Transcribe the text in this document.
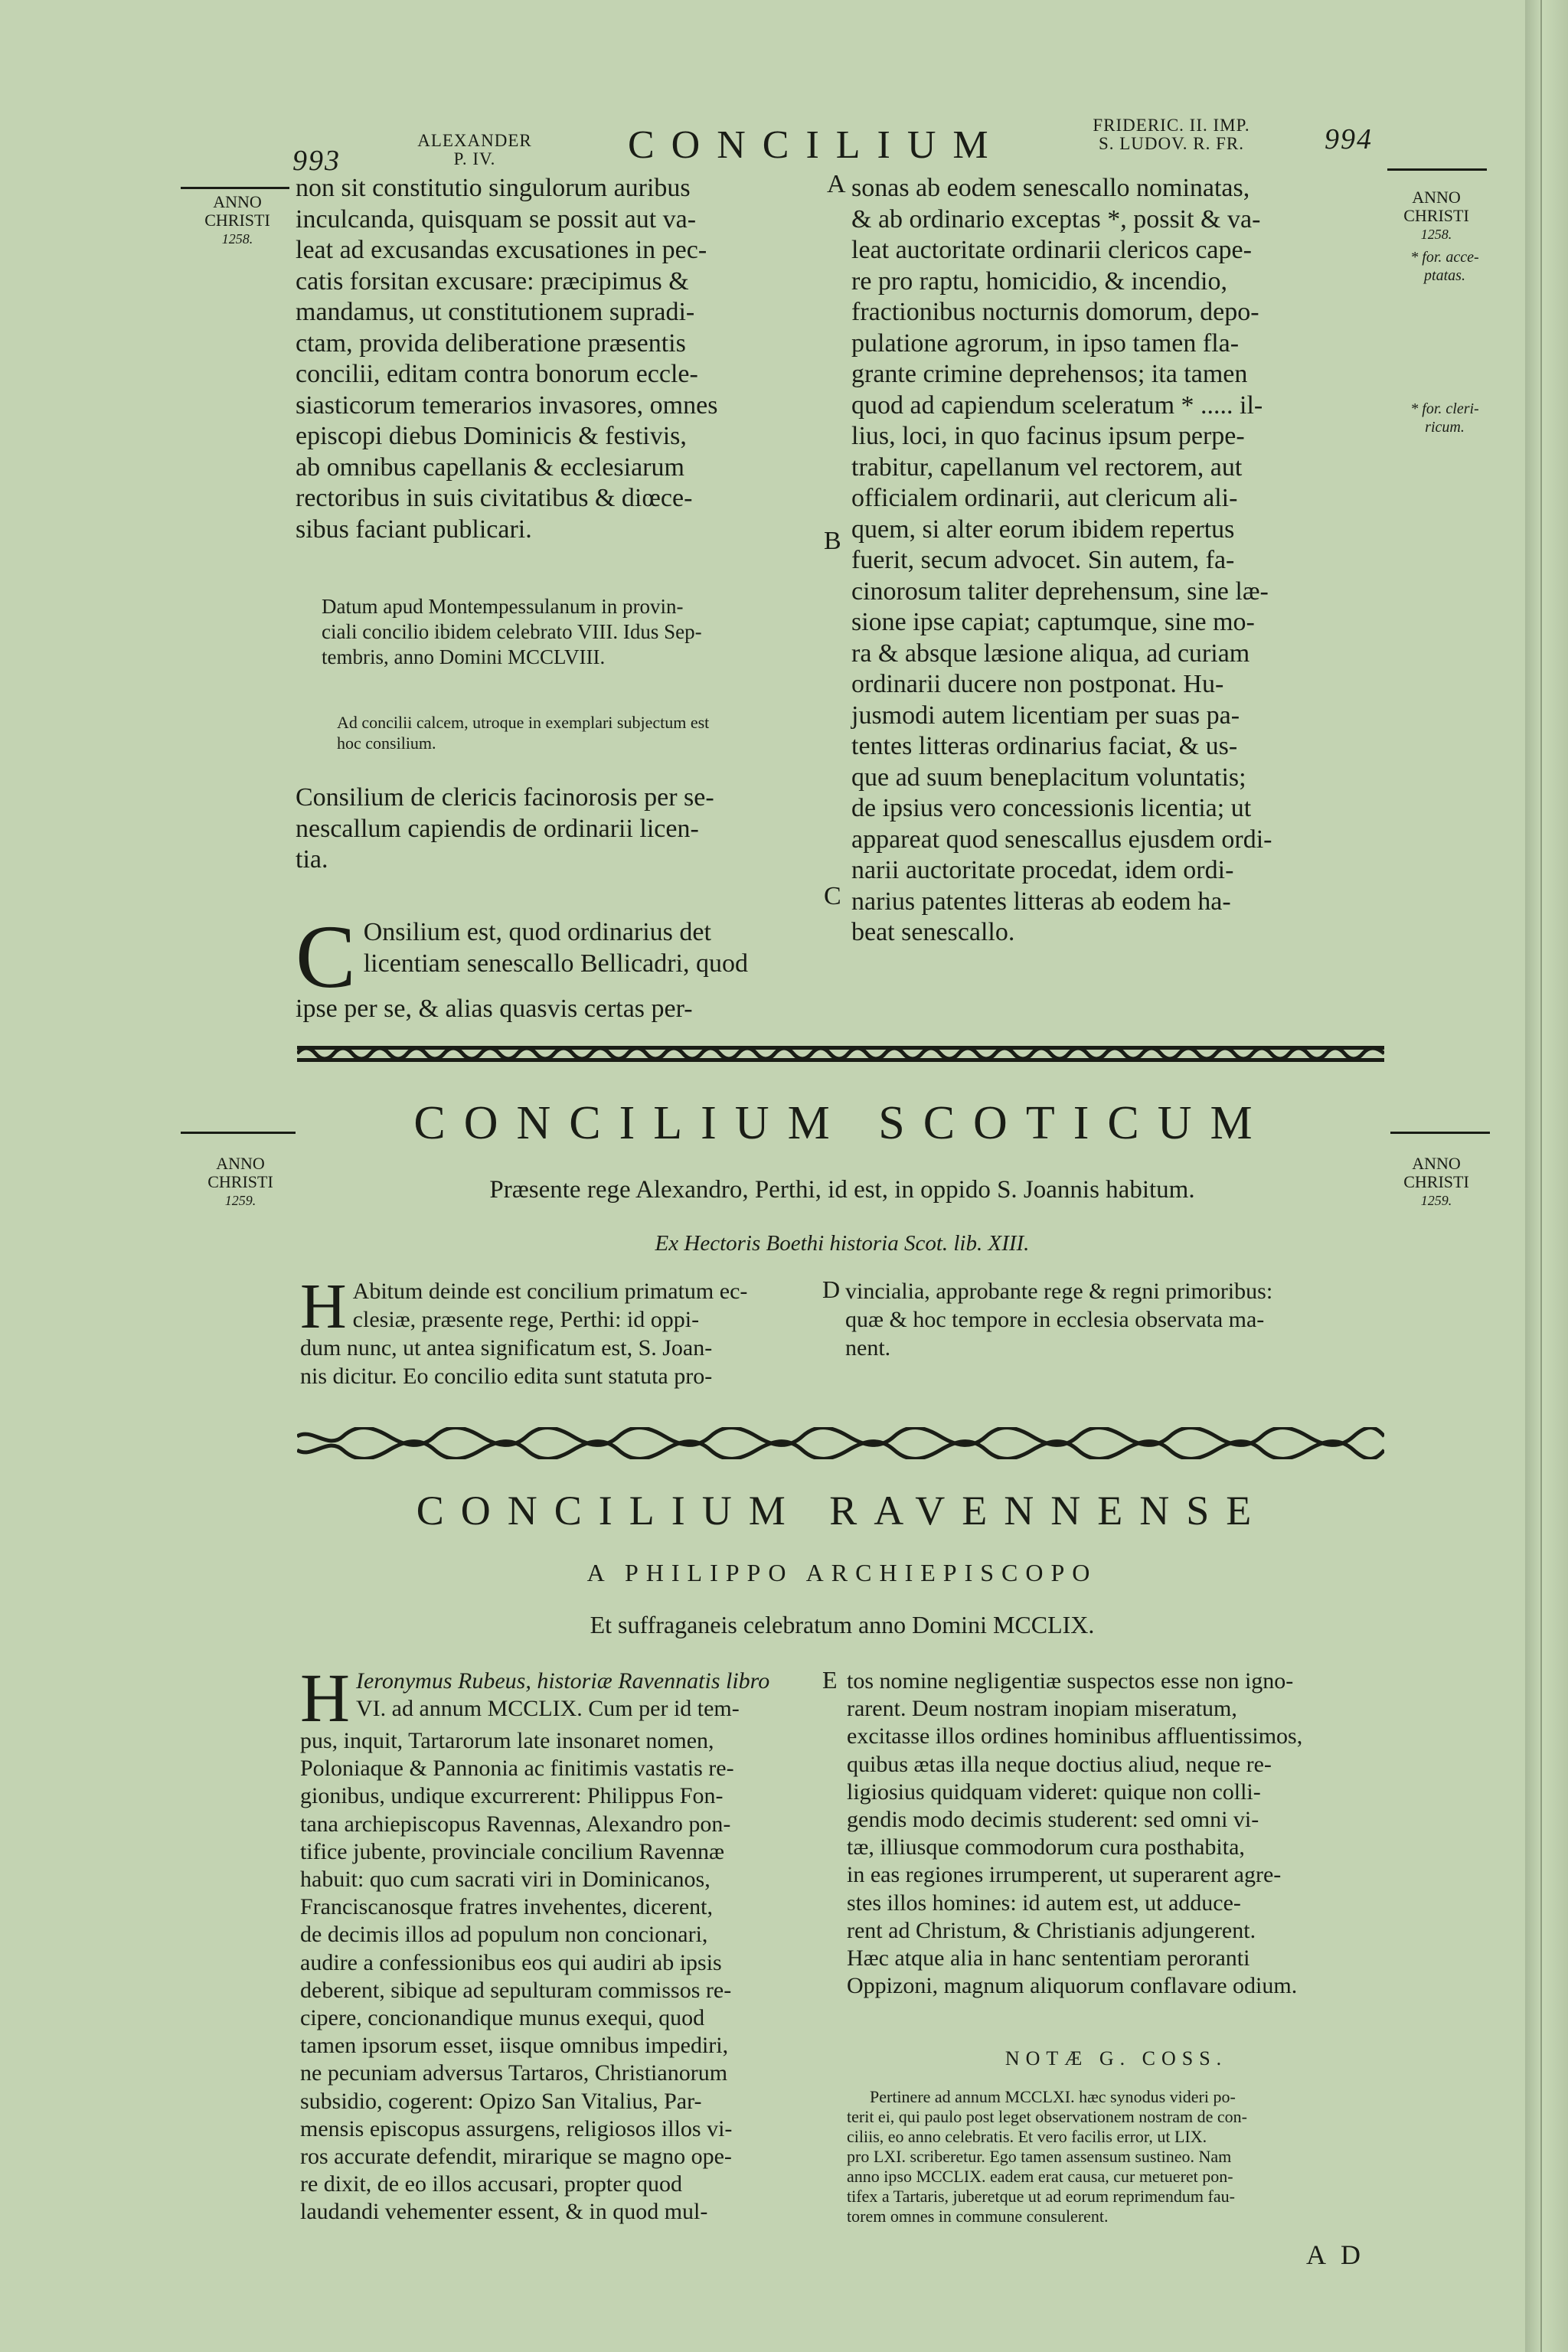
993
ALEXANDER
P. IV.	CONCILIUM	FRIDERIC. II. IMP.
S. LUDOV. R. FR.	994
ANNO
CHRISTI
1258.
ANNO
CHRISTI
1258.
* for. acce-
ptatas.
* for. cleri-
ricum.

non sit constitutio singulorum auribus

inculcanda, quisquam se possit aut va-

leat ad excusandas excusationes in pec-

catis forsitan excusare: præcipimus &

mandamus, ut constitutionem supradi-

ctam, provida deliberatione præsentis

concilii, editam contra bonorum eccle-

siasticorum temerarios invasores, omnes

episcopi diebus Dominicis & festivis,

ab omnibus capellanis & ecclesiarum

rectoribus in suis civitatibus & diœce-

sibus faciant publicari.

Datum apud Montempessulanum in provin-
ciali concilio ibidem celebrato VIII. Idus Sep-
tembris, anno Domini MCCLVIII.
Ad concilii calcem, utroque in exemplari subjectum est
hoc consilium.

Consilium de clericis facinorosis per se-

nescallum capiendis de ordinarii licen-

tia.

C Onsilium est, quod ordinarius det

licentiam senescallo Bellicadri, quod

ipse per se, & alias quasvis certas per-

A
B
C

sonas ab eodem senescallo nominatas,

& ab ordinario exceptas *, possit & va-

leat auctoritate ordinarii clericos cape-

re pro raptu, homicidio, & incendio,

fractionibus nocturnis domorum, depo-

pulatione agrorum, in ipso tamen fla-

grante crimine deprehensos; ita tamen

quod ad capiendum sceleratum * ..... il-

lius, loci, in quo facinus ipsum perpe-

trabitur, capellanum vel rectorem, aut

officialem ordinarii, aut clericum ali-

quem, si alter eorum ibidem repertus

fuerit, secum advocet. Sin autem, fa-

cinorosum taliter deprehensum, sine læ-

sione ipse capiat; captumque, sine mo-

ra & absque læsione aliqua, ad curiam

ordinarii ducere non postponat. Hu-

jusmodi autem licentiam per suas pa-

tentes litteras ordinarius faciat, & us-

que ad suum beneplacitum voluntatis;

de ipsius vero concessionis licentia; ut

appareat quod senescallus ejusdem ordi-

narii auctoritate procedat, idem ordi-

narius patentes litteras ab eodem ha-

beat senescallo.

CONCILIUM SCOTICUM
ANNO
CHRISTI
1259.
ANNO
CHRISTI
1259.
Præsente rege Alexandro, Perthi, id est, in oppido S. Joannis habitum.
Ex Hectoris Boethi historia Scot. lib. XIII.
H Abitum deinde est concilium primatum ec-
clesiæ, præsente rege, Perthi: id oppi-
dum nunc, ut antea significatum est, S. Joan-
nis dicitur. Eo concilio edita sunt statuta pro-
D vincialia, approbante rege & regni primoribus:
quæ & hoc tempore in ecclesia observata ma-
nent.
CONCILIUM RAVENNENSE
A PHILIPPO ARCHIEPISCOPO
Et suffraganeis celebratum anno Domini MCCLIX.
H Ieronymus Rubeus, historiæ Ravennatis libro
VI. ad annum MCCLIX. Cum per id tem-
pus, inquit, Tartarorum late insonaret nomen,
Poloniaque & Pannonia ac finitimis vastatis re-
gionibus, undique excurrerent: Philippus Fon-
tana archiepiscopus Ravennas, Alexandro pon-
tifice jubente, provinciale concilium Ravennæ
habuit: quo cum sacrati viri in Dominicanos,
Franciscanosque fratres invehentes, dicerent,
de decimis illos ad populum non concionari,
audire a confessionibus eos qui audiri ab ipsis
deberent, sibique ad sepulturam commissos re-
cipere, concionandique munus exequi, quod
tamen ipsorum esset, iisque omnibus impediri,
ne pecuniam adversus Tartaros, Christianorum
subsidio, cogerent: Opizo San Vitalius, Par-
mensis episcopus assurgens, religiosos illos vi-
ros accurate defendit, mirarique se magno ope-
re dixit, de eo illos accusari, propter quod
laudandi vehementer essent, & in quod mul-
E tos nomine negligentiæ suspectos esse non igno-
rarent. Deum nostram inopiam miseratum,
excitasse illos ordines hominibus affluentissimos,
quibus ætas illa neque doctius aliud, neque re-
ligiosius quidquam videret: quique non colli-
gendis modo decimis studerent: sed omni vi-
tæ, illiusque commodorum cura posthabita,
in eas regiones irrumperent, ut superarent agre-
stes illos homines: id autem est, ut adduce-
rent ad Christum, & Christianis adjungerent.
Hæc atque alia in hanc sententiam peroranti
Oppizoni, magnum aliquorum conflavare odium.
NOTÆ G. COSS.
Pertinere ad annum MCCLXI. hæc synodus videri po-
terit ei, qui paulo post leget observationem nostram de con-
ciliis, eo anno celebratis. Et vero facilis error, ut LIX.
pro LXI. scriberetur. Ego tamen assensum sustineo. Nam
anno ipso MCCLIX. eadem erat causa, cur metueret pon-
tifex a Tartaris, juberetque ut ad eorum reprimendum fau-
torem omnes in commune consulerent.
A D
